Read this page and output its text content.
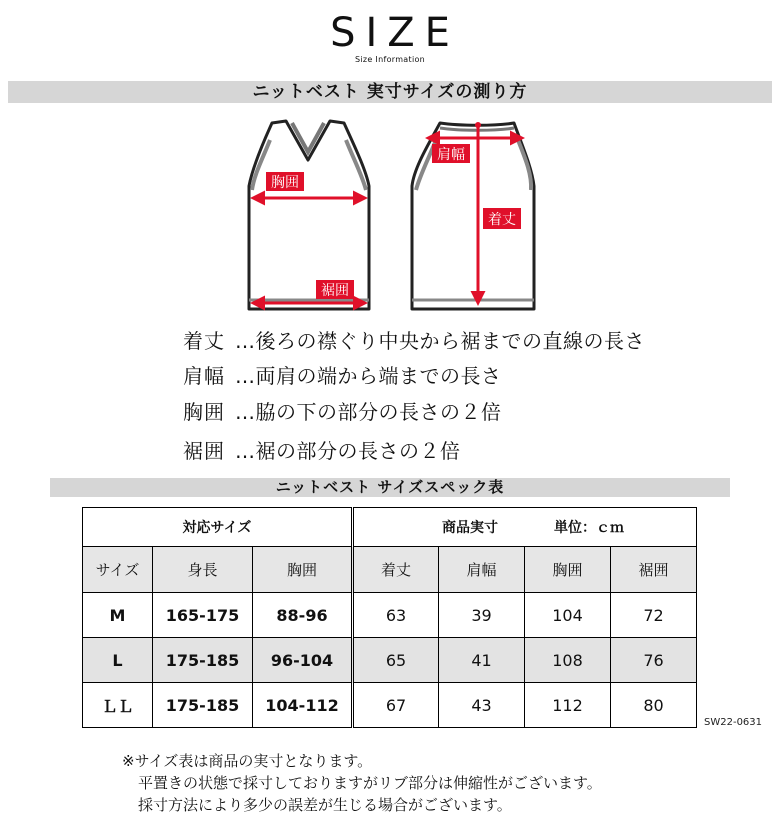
SIZE
Size Information
ニットベスト 実寸サイズの測り方
胸囲
裾囲
肩幅
着丈
着丈 …後ろの襟ぐり中央から裾までの直線の長さ
肩幅 …両肩の端から端までの長さ
胸囲 …脇の下の部分の長さの２倍
裾囲 …裾の部分の長さの２倍
ニットベスト サイズスペック表
対応サイズ			商品実寸 単位：ｃｍ			
サイズ	身長	胸囲	着丈	肩幅	胸囲	裾囲
M	165-175	88-96	63	39	104	72
L	175-185	96-104	65	41	108	76
ＬＬ	175-185	104-112	67	43	112	80
SW22-0631
※サイズ表は商品の実寸となります。
平置きの状態で採寸しておりますがリブ部分は伸縮性がございます。
採寸方法により多少の誤差が生じる場合がございます。
